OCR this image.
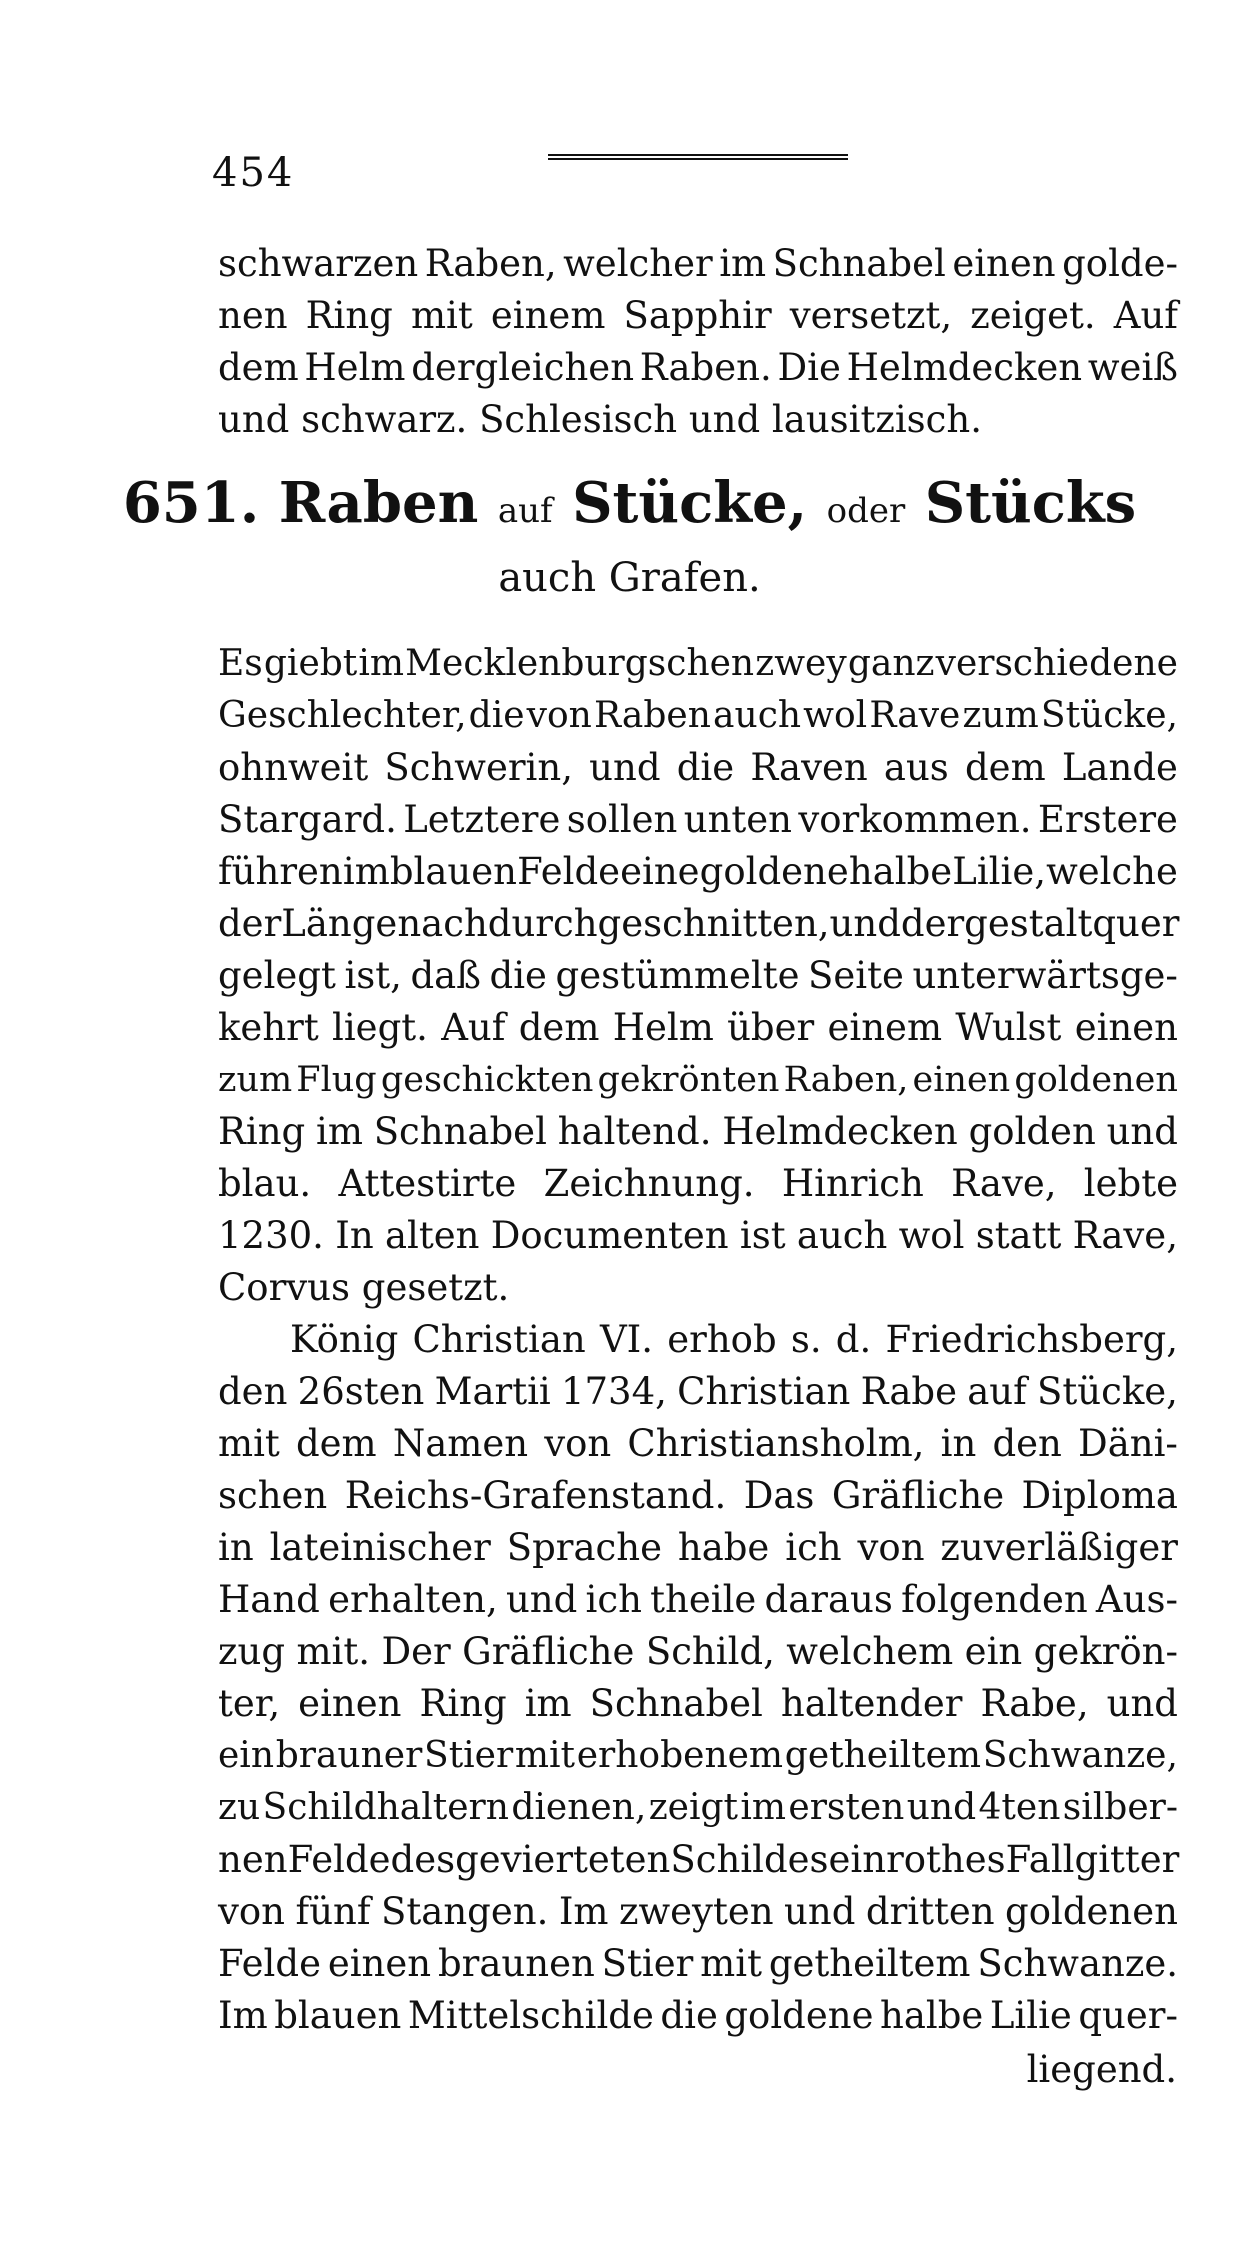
454
schwarzen Raben, welcher im Schnabel einen golde-
nen Ring mit einem Sapphir versetzt, zeiget. Auf
dem Helm dergleichen Raben. Die Helmdecken weiß
und schwarz. Schlesisch und lausitzisch.
651. Raben auf Stücke, oder Stücks
auch Grafen.
Es giebt im Mecklenburgschen zwey ganz verschiedene
Geschlechter, die von Raben auch wol Rave zum Stücke,
ohnweit Schwerin, und die Raven aus dem Lande
Stargard. Letztere sollen unten vorkommen. Erstere
führen im blauen Felde eine goldene halbe Lilie, welche
der Länge nach durchgeschnitten, und dergestalt quer
gelegt ist, daß die gestümmelte Seite unterwärtsge-
kehrt liegt. Auf dem Helm über einem Wulst einen
zum Flug geschickten gekrönten Raben, einen goldenen
Ring im Schnabel haltend. Helmdecken golden und
blau. Attestirte Zeichnung. Hinrich Rave, lebte
1230. In alten Documenten ist auch wol statt Rave,
Corvus gesetzt.
König Christian VI. erhob s. d. Friedrichsberg,
den 26sten Martii 1734, Christian Rabe auf Stücke,
mit dem Namen von Christiansholm, in den Däni-
schen Reichs-Grafenstand. Das Gräfliche Diploma
in lateinischer Sprache habe ich von zuverläßiger
Hand erhalten, und ich theile daraus folgenden Aus-
zug mit. Der Gräfliche Schild, welchem ein gekrön-
ter, einen Ring im Schnabel haltender Rabe, und
ein brauner Stier mit erhobenem getheiltem Schwanze,
zu Schildhaltern dienen, zeigt im ersten und 4ten silber-
nen Felde des gevierteten Schildes ein rothes Fallgitter
von fünf Stangen. Im zweyten und dritten goldenen
Felde einen braunen Stier mit getheiltem Schwanze.
Im blauen Mittelschilde die goldene halbe Lilie quer-
liegend.
